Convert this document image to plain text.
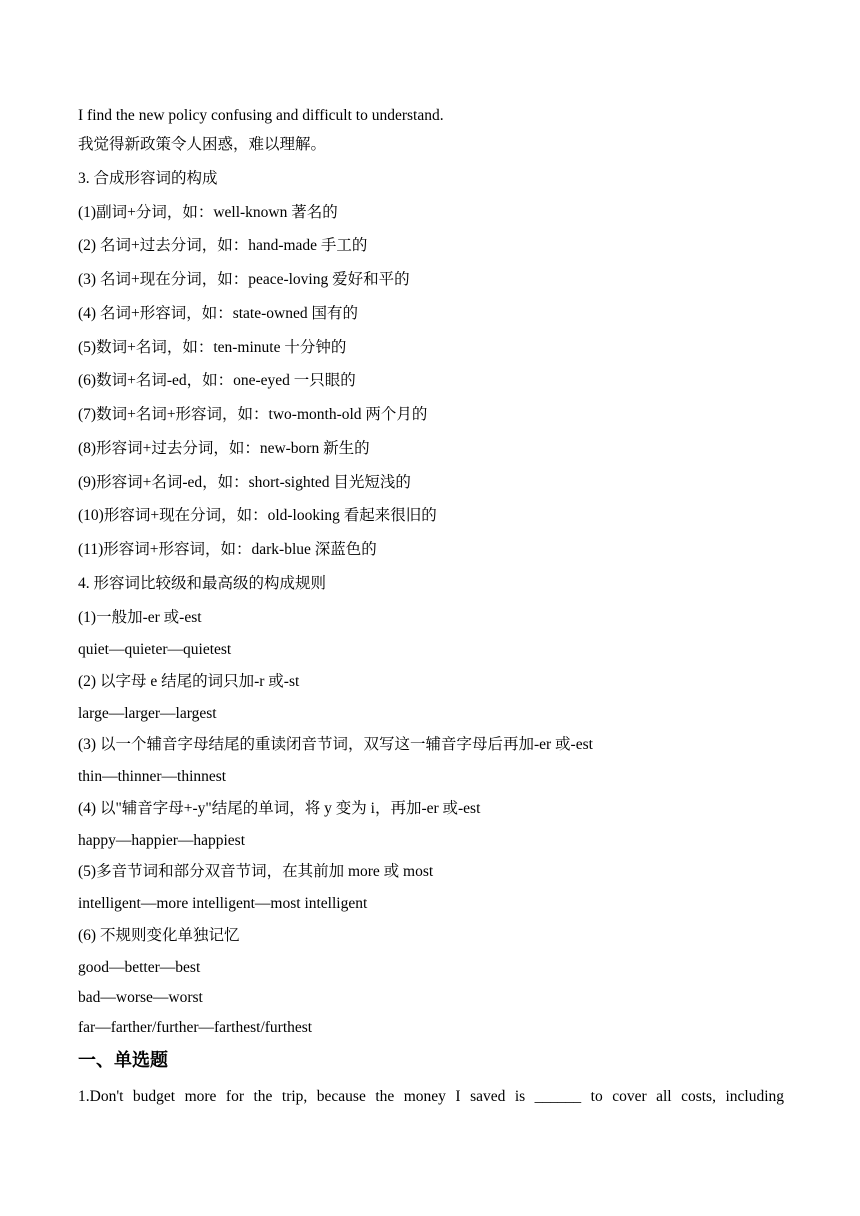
I find the new policy confusing and difficult to understand.
我觉得新政策令人困惑，难以理解。
3. 合成形容词的构成
(1)副词+分词，如：well-known 著名的
(2) 名词+过去分词，如：hand-made 手工的
(3) 名词+现在分词，如：peace-loving 爱好和平的
(4) 名词+形容词，如：state-owned 国有的
(5)数词+名词，如：ten-minute 十分钟的
(6)数词+名词-ed，如：one-eyed 一只眼的
(7)数词+名词+形容词，如：two-month-old 两个月的
(8)形容词+过去分词，如：new-born 新生的
(9)形容词+名词-ed，如：short-sighted 目光短浅的
(10)形容词+现在分词，如：old-looking 看起来很旧的
(11)形容词+形容词，如：dark-blue 深蓝色的
4. 形容词比较级和最高级的构成规则
(1)一般加-er 或-est
quiet—quieter—quietest
(2) 以字母 e 结尾的词只加-r 或-st
large—larger—largest
(3) 以一个辅音字母结尾的重读闭音节词，双写这一辅音字母后再加-er 或-est
thin—thinner—thinnest
(4) 以"辅音字母+-y"结尾的单词，将 y 变为 i，再加-er 或-est
happy—happier—happiest
(5)多音节词和部分双音节词，在其前加 more 或 most
intelligent—more intelligent—most intelligent
(6) 不规则变化单独记忆
good—better—best
bad—worse—worst
far—farther/further—farthest/furthest
一、单选题
1.Don't budget more for the trip, because the money I saved is ______ to cover all costs, including
